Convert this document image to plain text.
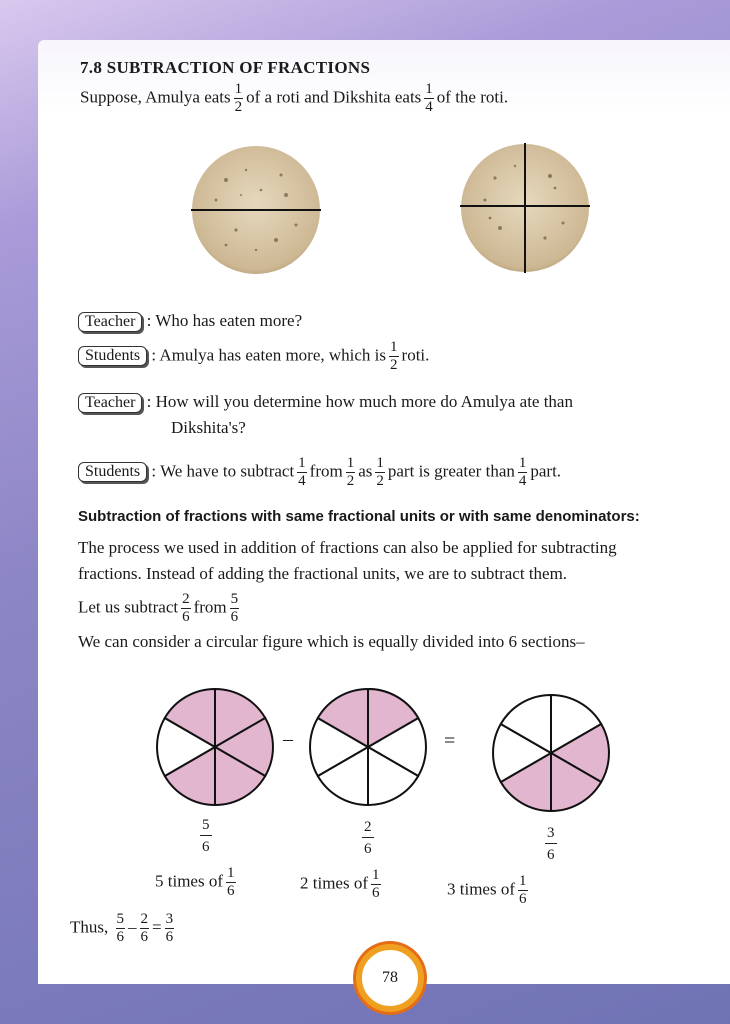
7.8 SUBTRACTION OF FRACTIONS
Suppose, Amulya eats $\frac{1}{2}$ of a roti and Dikshita eats $\frac{1}{4}$ of the roti.
Teacher : Who has eaten more?
Students : Amulya has eaten more, which is $\frac{1}{2}$ roti.
Teacher : How will you determine how much more do Amulya ate than
Dikshita's?
Students : We have to subtract $\frac{1}{4}$ from $\frac{1}{2}$ as $\frac{1}{2}$ part is greater than $\frac{1}{4}$ part.
Subtraction of fractions with same fractional units or with same denominators:
The process we used in addition of fractions can also be applied for subtracting
fractions. Instead of adding the fractional units, we are to subtract them.
Let us subtract $\frac{2}{6}$ from $\frac{5}{6}$
We can consider a circular figure which is equally divided into 6 sections–
–	=
$\frac{5}{6}$	$\frac{2}{6}$	$\frac{3}{6}$
5 times of $\frac{1}{6}$	2 times of $\frac{1}{6}$	3 times of $\frac{1}{6}$
Thus, $\frac{5}{6} - \frac{2}{6} = \frac{3}{6}$
78
